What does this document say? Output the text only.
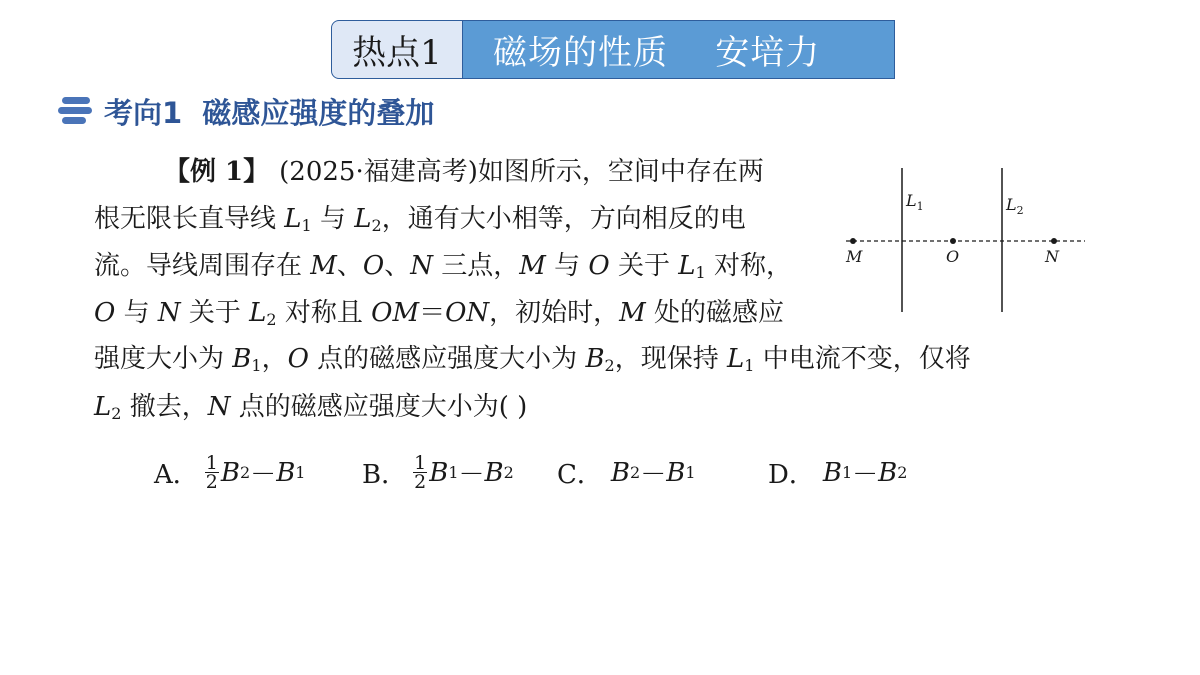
热点1	磁场的性质    安培力
考向1  磁感应强度的叠加
【例 1】 (2025·福建高考)如图所示，空间中存在两
根无限长直导线 $L_1$ 与 $L_2$，通有大小相等，方向相反的电
流。导线周围存在 M、O、N 三点，M 与 O 关于 $L_1$ 对称，
O 与 N 关于 $L_2$ 对称且 OM＝ON，初始时，M 处的磁感应
强度大小为 $B_1$，O 点的磁感应强度大小为 $B_2$，现保持 $L_1$ 中电流不变，仅将
$L_2$ 撤去，N 点的磁感应强度大小为( )
A． $\frac{1}{2}$ B 2 － B 1 B． $\frac{1}{2}$ B 1 － B 2 C． B 2 － B 1	D． B 1 － B 2
$L_1$	$L_2$
M	O	N
